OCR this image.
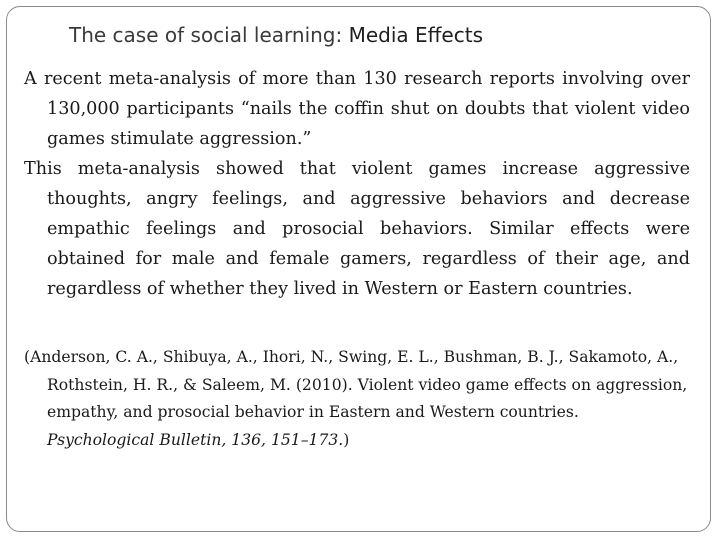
The case of social learning: Media Effects

A recent meta-analysis of more than 130 research reports involving over 130,000 participants “nails the coffin shut on doubts that violent video games stimulate aggression.”

This meta-analysis showed that violent games increase aggressive thoughts, angry feelings, and aggressive behaviors and decrease empathic feelings and prosocial behaviors. Similar effects were obtained for male and female gamers, regardless of their age, and regardless of whether they lived in Western or Eastern countries.

(Anderson, C. A., Shibuya, A., Ihori, N., Swing, E. L., Bushman, B. J., Sakamoto, A., Rothstein, H. R., & Saleem, M. (2010). Violent video game effects on aggression, empathy, and prosocial behavior in Eastern and Western countries. Psychological Bulletin, 136, 151–173.)
